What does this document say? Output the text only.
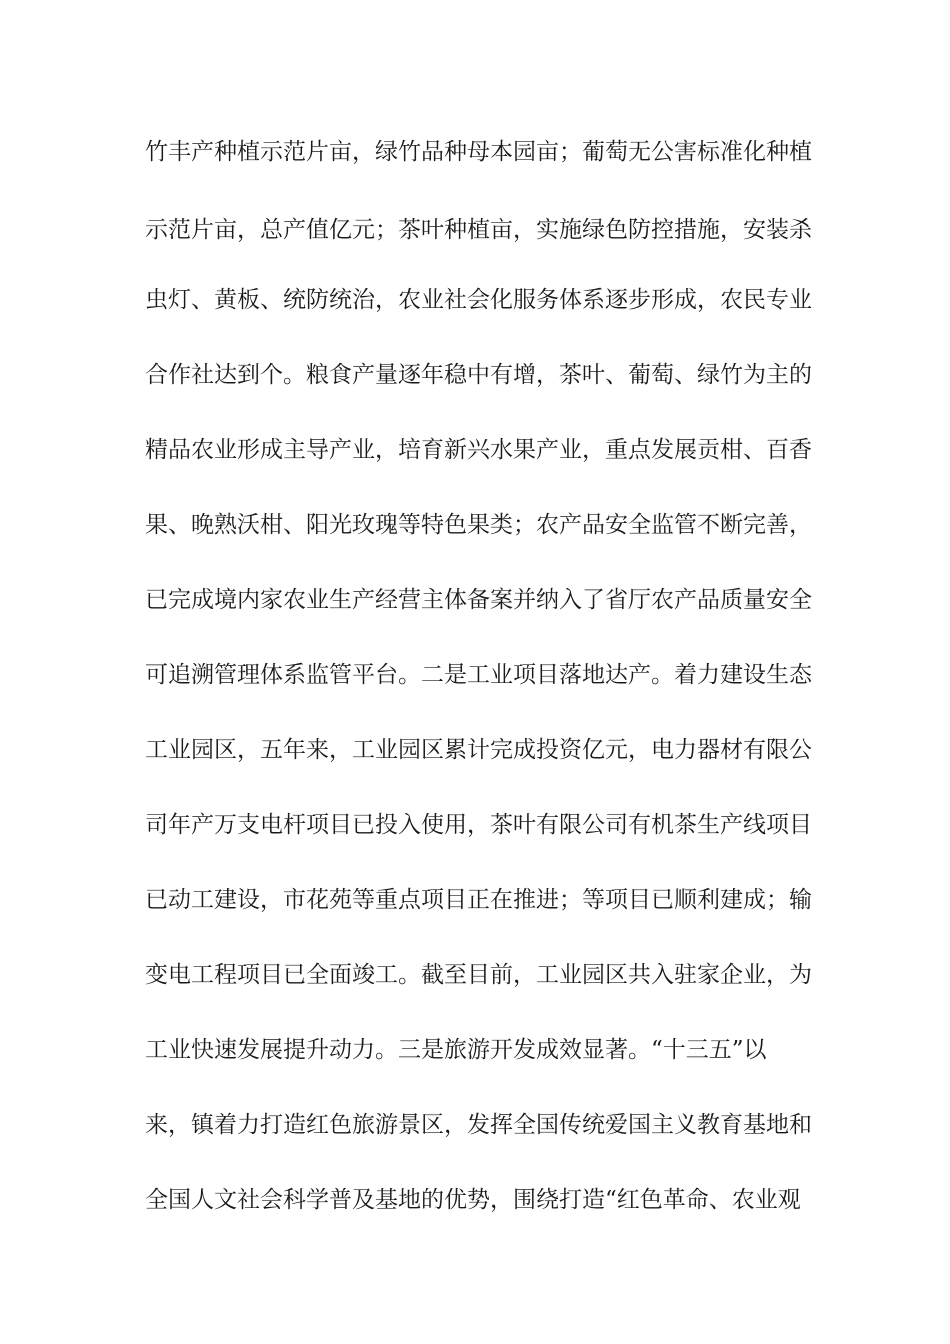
竹丰产种植示范片亩，绿竹品种母本园亩；葡萄无公害标准化种植
示范片亩，总产值亿元；茶叶种植亩，实施绿色防控措施，安装杀
虫灯、黄板、统防统治，农业社会化服务体系逐步形成，农民专业
合作社达到个。粮食产量逐年稳中有增，茶叶、葡萄、绿竹为主的
精品农业形成主导产业，培育新兴水果产业，重点发展贡柑、百香
果、晚熟沃柑、阳光玫瑰等特色果类；农产品安全监管不断完善，
已完成境内家农业生产经营主体备案并纳入了省厅农产品质量安全
可追溯管理体系监管平台。二是工业项目落地达产。着力建设生态
工业园区，五年来，工业园区累计完成投资亿元，电力器材有限公
司年产万支电杆项目已投入使用，茶叶有限公司有机茶生产线项目
已动工建设，市花苑等重点项目正在推进；等项目已顺利建成；输
变电工程项目已全面竣工。截至目前，工业园区共入驻家企业，为
工业快速发展提升动力。三是旅游开发成效显著。“十三五”以
来，镇着力打造红色旅游景区，发挥全国传统爱国主义教育基地和
全国人文社会科学普及基地的优势，围绕打造“红色革命、农业观
